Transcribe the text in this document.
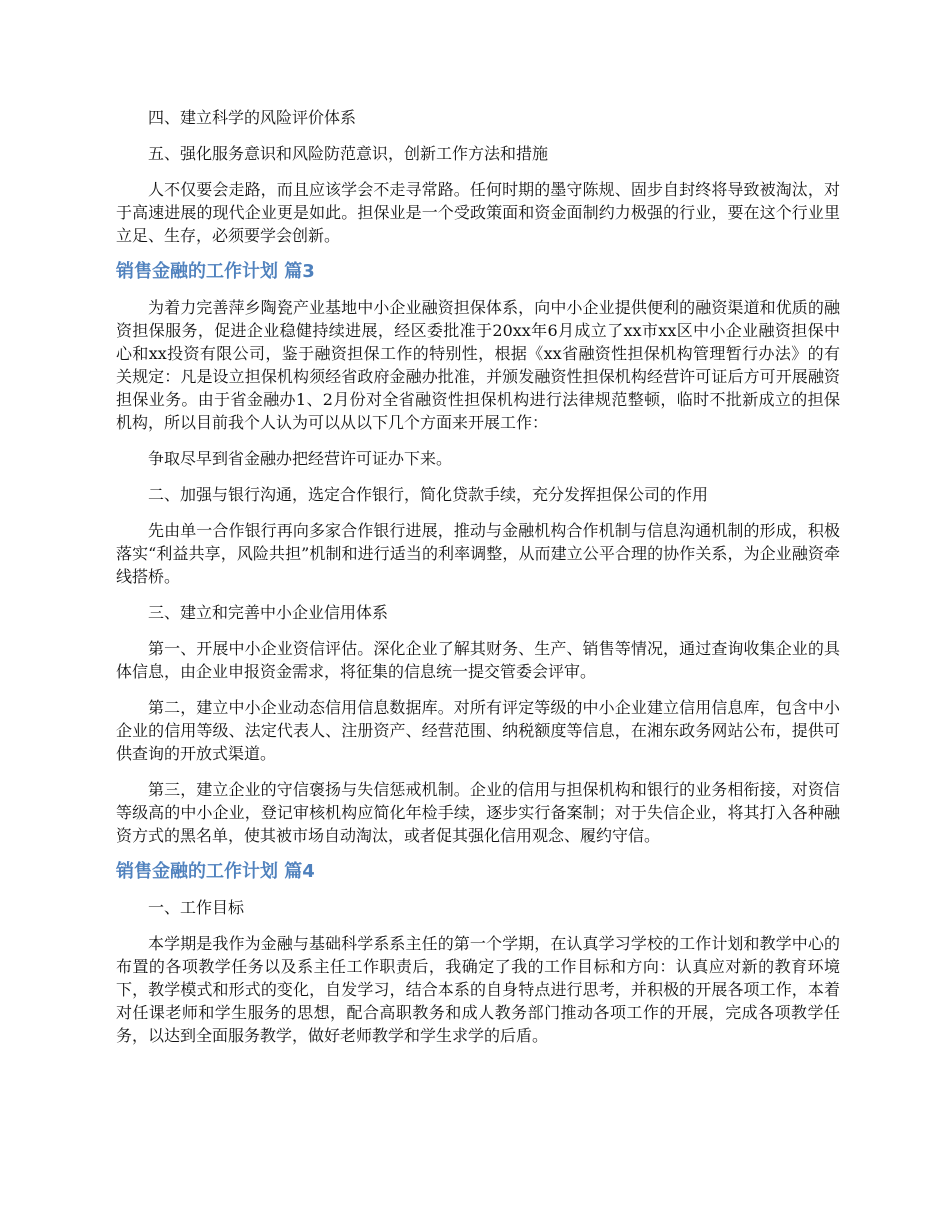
四、建立科学的风险评价体系

五、强化服务意识和风险防范意识，创新工作方法和措施

人不仅要会走路，而且应该学会不走寻常路。任何时期的墨守陈规、固步自封终将导致被淘汰，对于高速进展的现代企业更是如此。担保业是一个受政策面和资金面制约力极强的行业，要在这个行业里立足、生存，必须要学会创新。

销售金融的工作计划 篇3

为着力完善萍乡陶瓷产业基地中小企业融资担保体系，向中小企业提供便利的融资渠道和优质的融资担保服务，促进企业稳健持续进展，经区委批准于20xx年6月成立了xx市xx区中小企业融资担保中心和xx投资有限公司，鉴于融资担保工作的特别性，根据《xx省融资性担保机构管理暂行办法》的有关规定：凡是设立担保机构须经省政府金融办批准，并颁发融资性担保机构经营许可证后方可开展融资担保业务。由于省金融办1、2月份对全省融资性担保机构进行法律规范整顿，临时不批新成立的担保机构，所以目前我个人认为可以从以下几个方面来开展工作：

争取尽早到省金融办把经营许可证办下来。

二、加强与银行沟通，选定合作银行，简化贷款手续，充分发挥担保公司的作用

先由单一合作银行再向多家合作银行进展，推动与金融机构合作机制与信息沟通机制的形成，积极落实“利益共享，风险共担”机制和进行适当的利率调整，从而建立公平合理的协作关系，为企业融资牵线搭桥。

三、建立和完善中小企业信用体系

第一、开展中小企业资信评估。深化企业了解其财务、生产、销售等情况，通过查询收集企业的具体信息，由企业申报资金需求，将征集的信息统一提交管委会评审。

第二，建立中小企业动态信用信息数据库。对所有评定等级的中小企业建立信用信息库，包含中小企业的信用等级、法定代表人、注册资产、经营范围、纳税额度等信息，在湘东政务网站公布，提供可供查询的开放式渠道。

第三，建立企业的守信褒扬与失信惩戒机制。企业的信用与担保机构和银行的业务相衔接，对资信等级高的中小企业，登记审核机构应简化年检手续，逐步实行备案制；对于失信企业，将其打入各种融资方式的黑名单，使其被市场自动淘汰，或者促其强化信用观念、履约守信。

销售金融的工作计划 篇4

一、工作目标

本学期是我作为金融与基础科学系系主任的第一个学期，在认真学习学校的工作计划和教学中心的布置的各项教学任务以及系主任工作职责后，我确定了我的工作目标和方向：认真应对新的教育环境下，教学模式和形式的变化，自发学习，结合本系的自身特点进行思考，并积极的开展各项工作，本着对任课老师和学生服务的思想，配合高职教务和成人教务部门推动各项工作的开展，完成各项教学任务，以达到全面服务教学，做好老师教学和学生求学的后盾。
